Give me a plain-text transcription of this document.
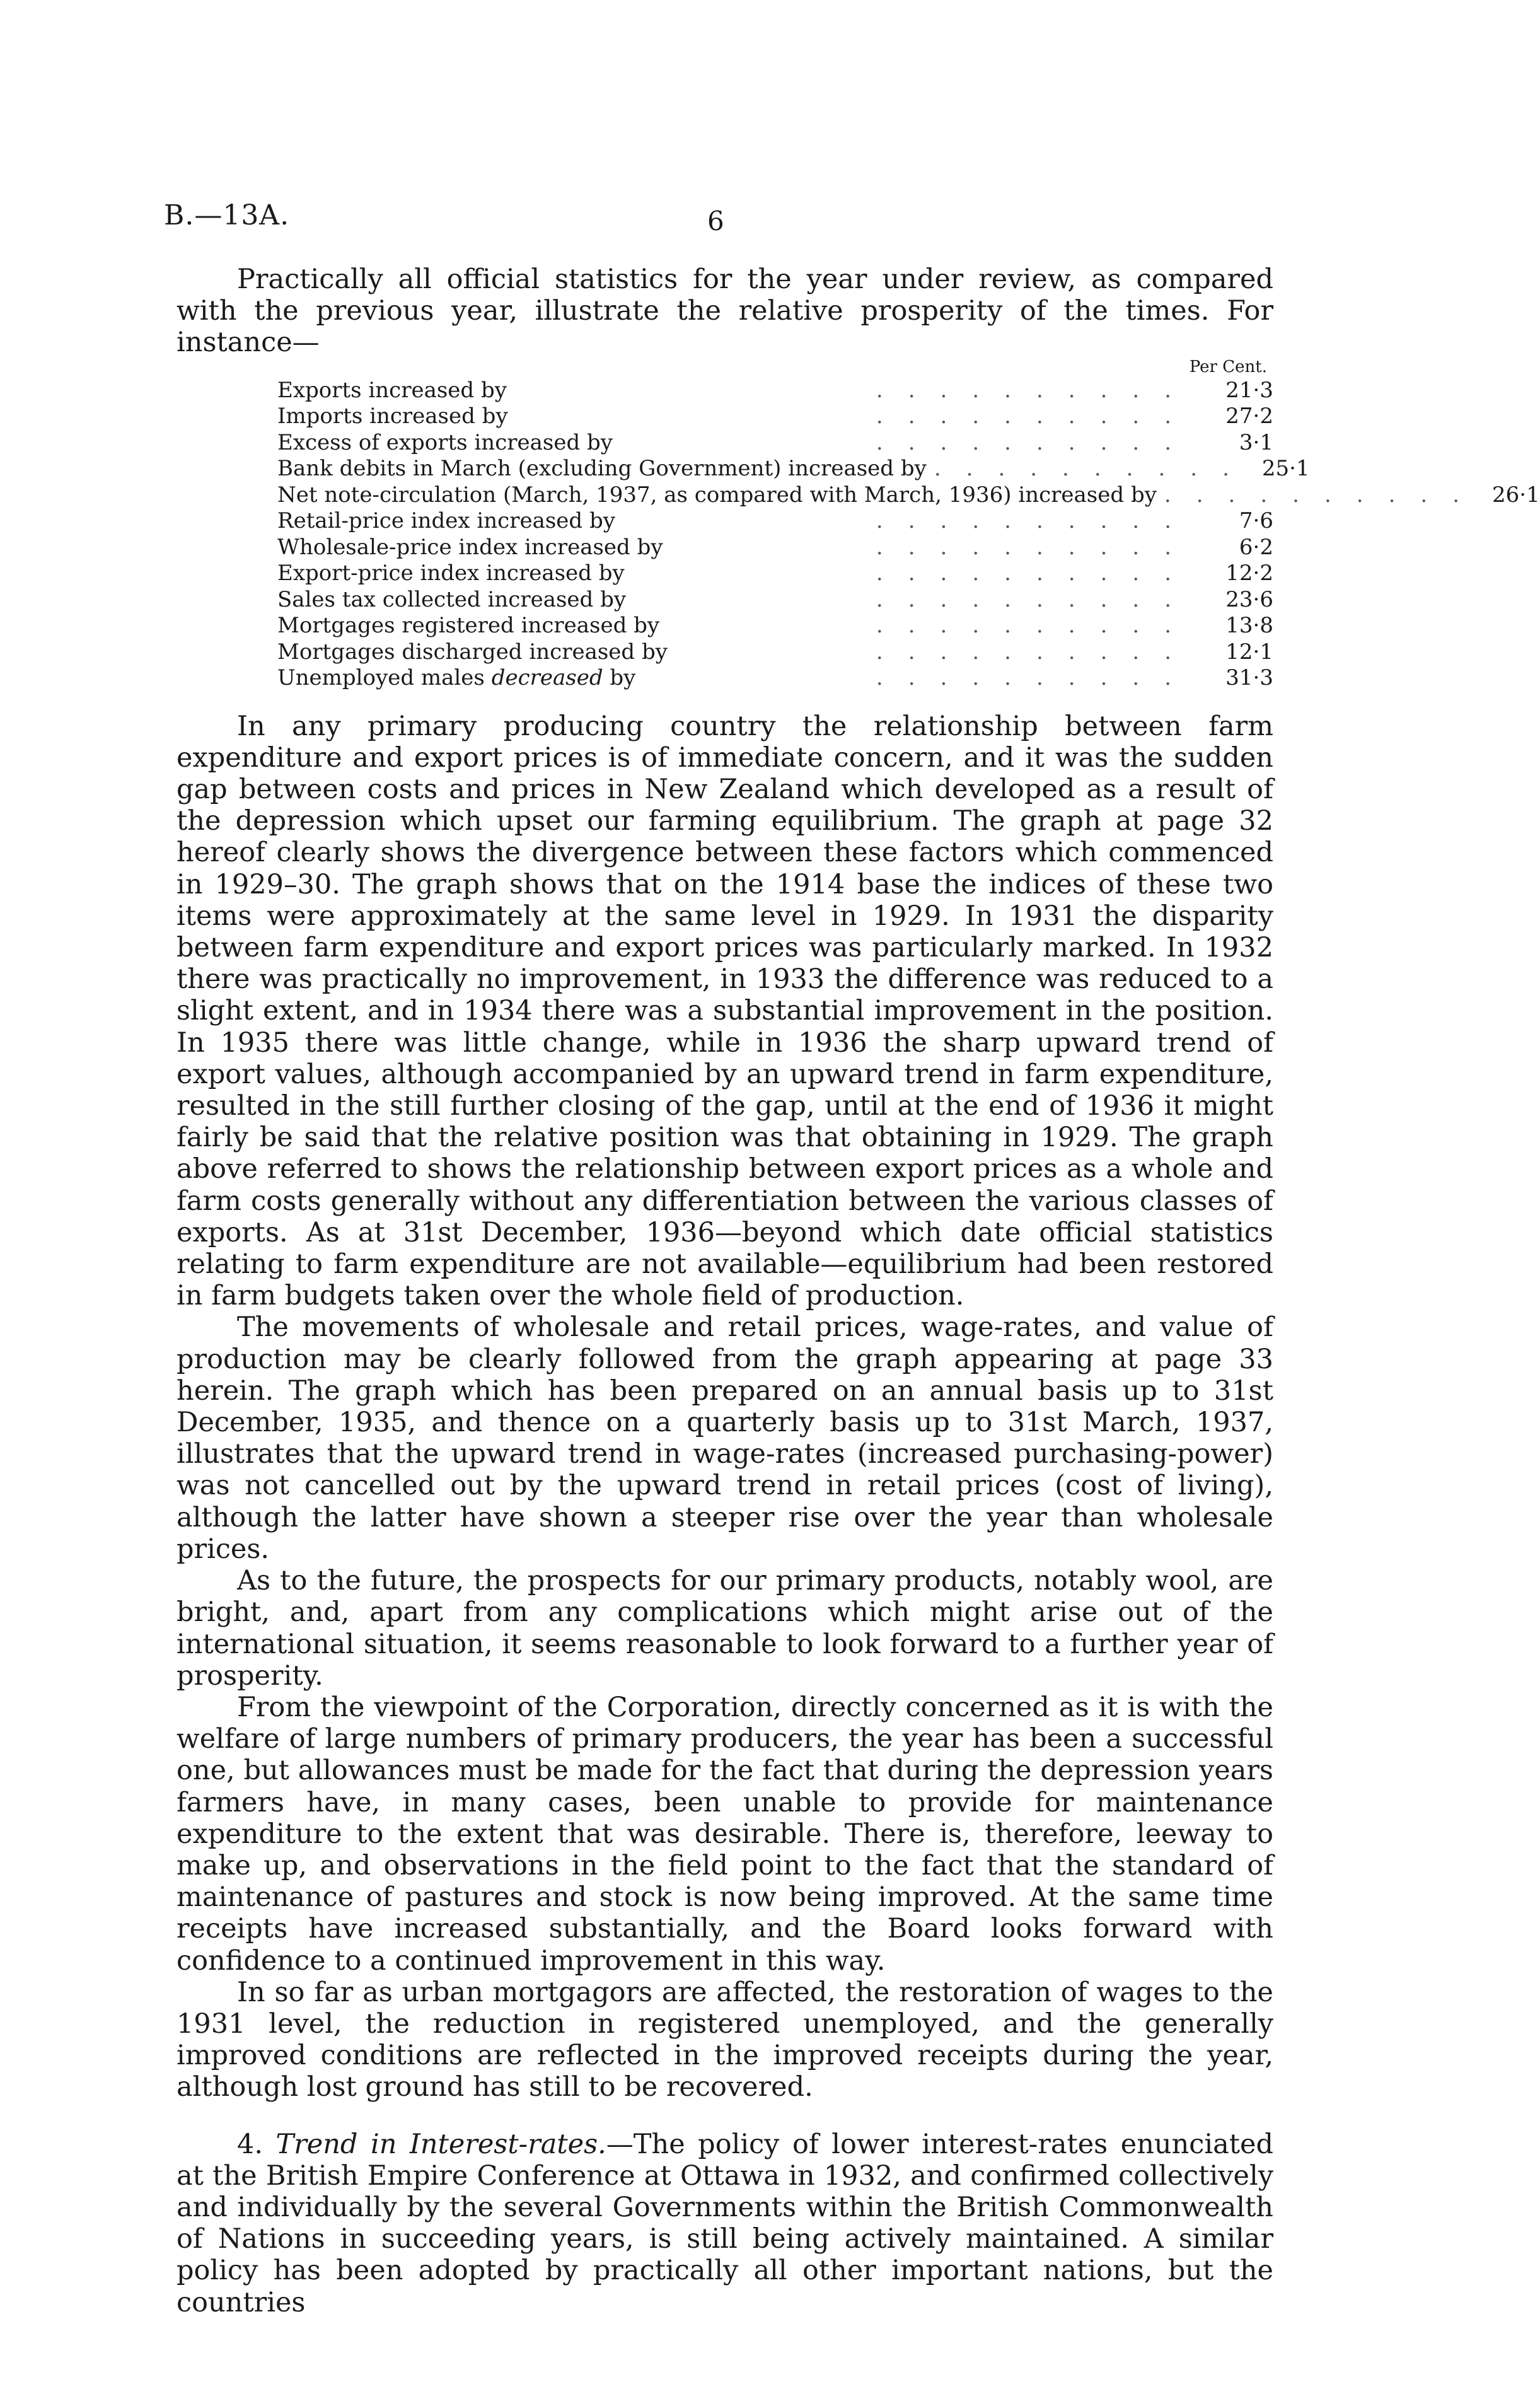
B.—13A.	6

Practically all official statistics for the year under review, as compared with the previous year, illustrate the relative prosperity of the times. For instance—

Per Cent.
Exports increased by	..........	21·3
Imports increased by	..........	27·2
Excess of exports increased by	..........	3·1
Bank debits in March (excluding Government) increased by .......... 25·1
Net note-circulation (March, 1937, as compared with March, 1936) increased by .......... 26·1
Retail-price index increased by	..........	7·6
Wholesale-price index increased by	..........	6·2
Export-price index increased by	..........	12·2
Sales tax collected increased by	..........	23·6
Mortgages registered increased by	..........	13·8
Mortgages discharged increased by	..........	12·1
Unemployed males decreased by	..........	31·3

In any primary producing country the relationship between farm expenditure and export prices is of immediate concern, and it was the sudden gap between costs and prices in New Zealand which developed as a result of the depression which upset our farming equilibrium. The graph at page 32 hereof clearly shows the divergence between these factors which commenced in 1929–30. The graph shows that on the 1914 base the indices of these two items were approximately at the same level in 1929. In 1931 the disparity between farm expenditure and export prices was particularly marked. In 1932 there was practically no improvement, in 1933 the difference was reduced to a slight extent, and in 1934 there was a substantial improvement in the position. In 1935 there was little change, while in 1936 the sharp upward trend of export values, although accompanied by an upward trend in farm expenditure, resulted in the still further closing of the gap, until at the end of 1936 it might fairly be said that the relative position was that obtaining in 1929. The graph above referred to shows the relationship between export prices as a whole and farm costs generally without any differentiation between the various classes of exports. As at 31st December, 1936—beyond which date official statistics relating to farm expenditure are not available—equilibrium had been restored in farm budgets taken over the whole field of production.

The movements of wholesale and retail prices, wage-rates, and value of production may be clearly followed from the graph appearing at page 33 herein. The graph which has been prepared on an annual basis up to 31st December, 1935, and thence on a quarterly basis up to 31st March, 1937, illustrates that the upward trend in wage-rates (increased purchasing-power) was not cancelled out by the upward trend in retail prices (cost of living), although the latter have shown a steeper rise over the year than wholesale prices.

As to the future, the prospects for our primary products, notably wool, are bright, and, apart from any complications which might arise out of the international situation, it seems reasonable to look forward to a further year of prosperity.

From the viewpoint of the Corporation, directly concerned as it is with the welfare of large numbers of primary producers, the year has been a successful one, but allowances must be made for the fact that during the depression years farmers have, in many cases, been unable to provide for maintenance expenditure to the extent that was desirable. There is, therefore, leeway to make up, and observations in the field point to the fact that the standard of maintenance of pastures and stock is now being improved. At the same time receipts have increased substantially, and the Board looks forward with confidence to a continued improvement in this way.

In so far as urban mortgagors are affected, the restoration of wages to the 1931 level, the reduction in registered unemployed, and the generally improved conditions are reflected in the improved receipts during the year, although lost ground has still to be recovered.

4. Trend in Interest-rates.—The policy of lower interest-rates enunciated at the British Empire Conference at Ottawa in 1932, and confirmed collectively and individually by the several Governments within the British Commonwealth of Nations in succeeding years, is still being actively maintained. A similar policy has been adopted by practically all other important nations, but the countries
